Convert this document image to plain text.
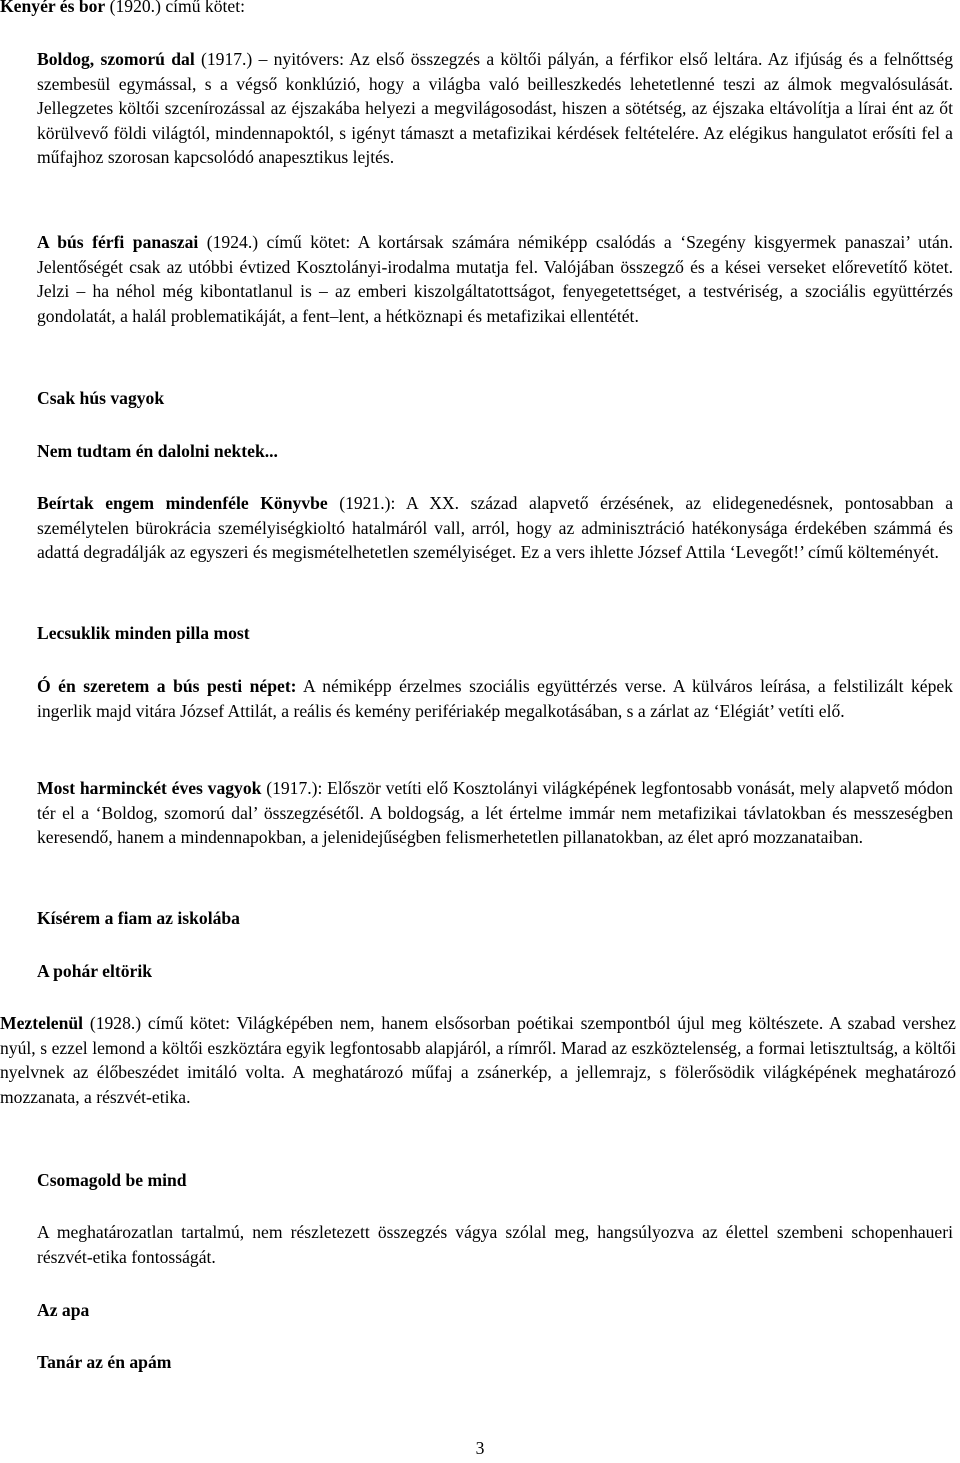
Kenyér és bor (1920.) című kötet:

Boldog, szomorú dal (1917.) – nyitóvers: Az első összegzés a költői pályán, a férfikor első leltára. Az ifjúság és a felnőttség szembesül egymással, s a végső konklúzió, hogy a világba való beilleszkedés lehetetlenné teszi az álmok megvalósulását. Jellegzetes költői szcenírozással az éjszakába helyezi a megvilágosodást, hiszen a sötétség, az éjszaka eltávolítja a lírai ént az őt körülvevő földi világtól, mindennapoktól, s igényt támaszt a metafizikai kérdések feltételére. Az elégikus hangulatot erősíti fel a műfajhoz szorosan kapcsolódó anapesztikus lejtés.

A bús férfi panaszai (1924.) című kötet: A kortársak számára némiképp csalódás a ‘Szegény kisgyermek panaszai’ után. Jelentőségét csak az utóbbi évtized Kosztolányi-irodalma mutatja fel. Valójában összegző és a kései verseket előrevetítő kötet. Jelzi – ha néhol még kibontatlanul is – az emberi kiszolgáltatottságot, fenyegetettséget, a testvériség, a szociális együttérzés gondolatát, a halál problematikáját, a fent–lent, a hétköznapi és metafizikai ellentétét.

Csak hús vagyok

Nem tudtam én dalolni nektek...

Beírtak engem mindenféle Könyvbe (1921.): A XX. század alapvető érzésének, az elidegenedésnek, pontosabban a személytelen bürokrácia személyiségkioltó hatalmáról vall, arról, hogy az adminisztráció hatékonysága érdekében számmá és adattá degradálják az egyszeri és megismételhetetlen személyiséget. Ez a vers ihlette József Attila ‘Levegőt!’ című költeményét.

Lecsuklik minden pilla most

Ó én szeretem a bús pesti népet: A némiképp érzelmes szociális együttérzés verse. A külváros leírása, a felstilizált képek ingerlik majd vitára József Attilát, a reális és kemény perifériakép megalkotásában, s a zárlat az ‘Elégiát’ vetíti elő.

Most harminckét éves vagyok (1917.): Először vetíti elő Kosztolányi világképének legfontosabb vonását, mely alapvető módon tér el a ‘Boldog, szomorú dal’ összegzésétől. A boldogság, a lét értelme immár nem metafizikai távlatokban és messzeségben keresendő, hanem a mindennapokban, a jelenidejűségben felismerhetetlen pillanatokban, az élet apró mozzanataiban.

Kísérem a fiam az iskolába

A pohár eltörik

Meztelenül (1928.) című kötet: Világképében nem, hanem elsősorban poétikai szempontból újul meg költészete. A szabad vershez nyúl, s ezzel lemond a költői eszköztára egyik legfontosabb alapjáról, a rímről. Marad az eszköztelenség, a formai letisztultság, a költői nyelvnek az élőbeszédet imitáló volta. A meghatározó műfaj a zsánerkép, a jellemrajz, s fölerősödik világképének meghatározó mozzanata, a részvét-etika.

Csomagold be mind

A meghatározatlan tartalmú, nem részletezett összegzés vágya szólal meg, hangsúlyozva az élettel szembeni schopenhaueri részvét-etika fontosságát.

Az apa

Tanár az én apám

3
